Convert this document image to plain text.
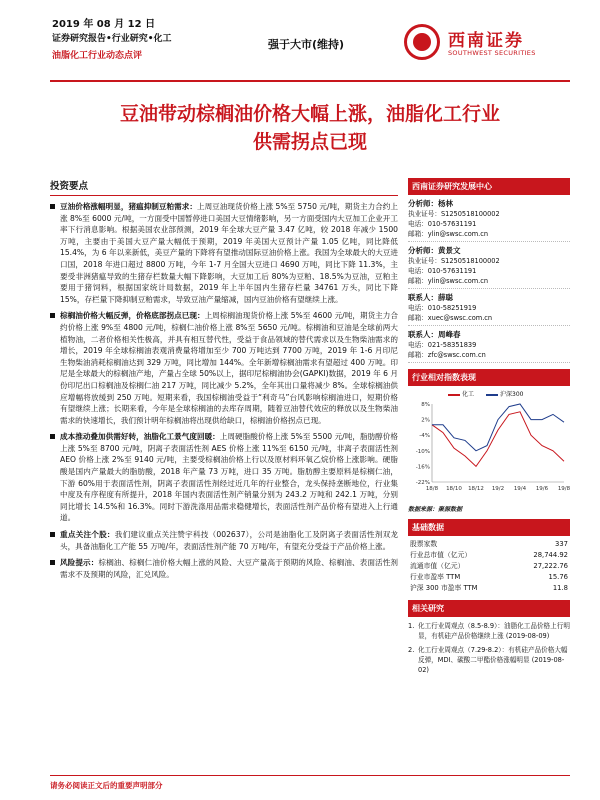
2019 年 08 月 12 日
证券研究报告•行业研究•化工
油脂化工行业动态点评
强于大市(维持)	西南证券
SOUTHWEST SECURITIES
豆油带动棕榈油价格大幅上涨，油脂化工行业
供需拐点已现
投资要点
豆油价格涨幅明显，猪瘟抑制豆粕需求：上周豆油现货价格上涨 5%至 5750 元/吨，期货主力合约上涨 8%至 6000 元/吨，一方面受中国暂停进口美国大豆情绪影响，另一方面受国内大豆加工企业开工率下行消息影响。根据美国农业部预测，2019 年全球大豆产量 3.47 亿吨，较 2018 年减少 1500 万吨，主要由于美国大豆产量大幅低于预期，2019 年美国大豆预计产量 1.05 亿吨，同比降低 15.4%，为 6 年以来新低，美豆产量的下降将有望推动国际豆油价格上涨。我国为全球最大的大豆进口国，2018 年进口超过 8800 万吨，今年 1-7 月全国大豆进口 4690 万吨，同比下降 11.3%，主要受非洲猪瘟导致的生猪存栏数量大幅下降影响，大豆加工后 80%为豆粕、18.5%为豆油，豆粕主要用于猪饲料，根据国家统计局数据，2019 年上半年国内生猪存栏量 34761 万头，同比下降 15%，存栏量下降抑制豆粕需求，导致豆油产量缩减，国内豆油价格有望继续上涨。
棕榈油价格大幅反弹，价格底部拐点已现：上周棕榈油现货价格上涨 5%至 4600 元/吨，期货主力合约价格上涨 9%至 4800 元/吨，棕榈仁油价格上涨 8%至 5650 元/吨。棕榈油和豆油是全球前两大植物油，二者价格相关性极高，并具有相互替代性，受益于食品领域的替代需求以及生物柴油需求的增长，2019 年全球棕榈油表观消费量将增加至少 700 万吨达到 7700 万吨，2019 年 1-6 月印尼生物柴油消耗棕榈油达到 329 万吨，同比增加 144%。全年新增棕榈油需求有望超过 400 万吨。印尼是全球最大的棕榈油产地，产量占全球 50%以上，据印尼棕榈油协会(GAPKI)数据，2019 年 6 月份印尼出口棕榈油及棕榈仁油 217 万吨，同比减少 5.2%，全年其出口量将减少 8%。全球棕榈油供应增幅将放缓到 250 万吨。短期来看，我国棕榈油受益于“利奇马”台风影响棕榈油进口，短期价格有望继续上涨；长期来看，今年是全球棕榈油的去库存周期，随着豆油替代效应的释放以及生物柴油需求的快速增长，我们预计明年棕榈油将出现供给缺口，棕榈油价格拐点已现。
成本推动叠加供需好转，油脂化工景气度回暖：上周硬脂酸价格上涨 5%至 5500 元/吨，脂肪醇价格上涨 5%至 8700 元/吨，阴离子表面活性剂 AES 价格上涨 11%至 6150 元/吨，非离子表面活性剂 AEO 价格上涨 2%至 9140 元/吨，主要受棕榈油价格上行以及原材料环氧乙烷价格上涨影响。硬脂酸是国内产量最大的脂肪酸，2018 年产量 73 万吨，进口 35 万吨。脂肪醇主要原料是棕榈仁油，下游 60%用于表面活性剂，阴离子表面活性剂经过近几年的行业整合，龙头保持垄断地位，行业集中度及有序程度有所提升，2018 年国内表面活性剂产销量分别为 243.2 万吨和 242.1 万吨，分别同比增长 14.5%和 16.3%。同时下游洗涤用品需求稳健增长，表面活性剂产品价格有望进入上行通道。
重点关注个股：我们建议重点关注赞宇科技（002637），公司是油脂化工及阴离子表面活性剂双龙头，具备油脂化工产能 55 万吨/年，表面活性剂产能 70 万吨/年，有望充分受益于产品价格上涨。
风险提示：棕榈油、棕榈仁油价格大幅上涨的风险、大豆产量高于预期的风险、棕榈油、表面活性剂需求不及预期的风险，汇兑风险。
西南证券研究发展中心
分析师：杨林
执业证号：S1250518100002
电话：010-57631191
邮箱：ylin@swsc.com.cn
分析师：黄景文
执业证号：S1250518100002
电话：010-57631191
邮箱：ylin@swsc.com.cn
联系人：薛聪
电话：010-58251919
邮箱：xuec@swsc.com.cn
联系人：周峰春
电话：021-58351839
邮箱：zfc@swsc.com.cn
行业相对指数表现
化工	沪深300
8%
2%
-4%
-10%
-16%
-22%
18/8 18/10 18/12 19/2 19/4 19/6 19/8
数据来源：聚源数据
基础数据
股票家数	337
行业总市值（亿元）	28,744.92
流通市值（亿元）	27,222.76
行业市盈率 TTM	15.76
沪深 300 市盈率 TTM	11.8
相关研究
1. 化工行业周观点（8.5-8.9）：油脂化工品价格上行明显，有机硅产品价格继续上涨 (2019-08-09)
2. 化工行业周观点（7.29-8.2）：有机硅产品价格大幅反弹，MDI、碳酸二甲酯价格涨幅明显 (2019-08-02)
请务必阅读正文后的重要声明部分
